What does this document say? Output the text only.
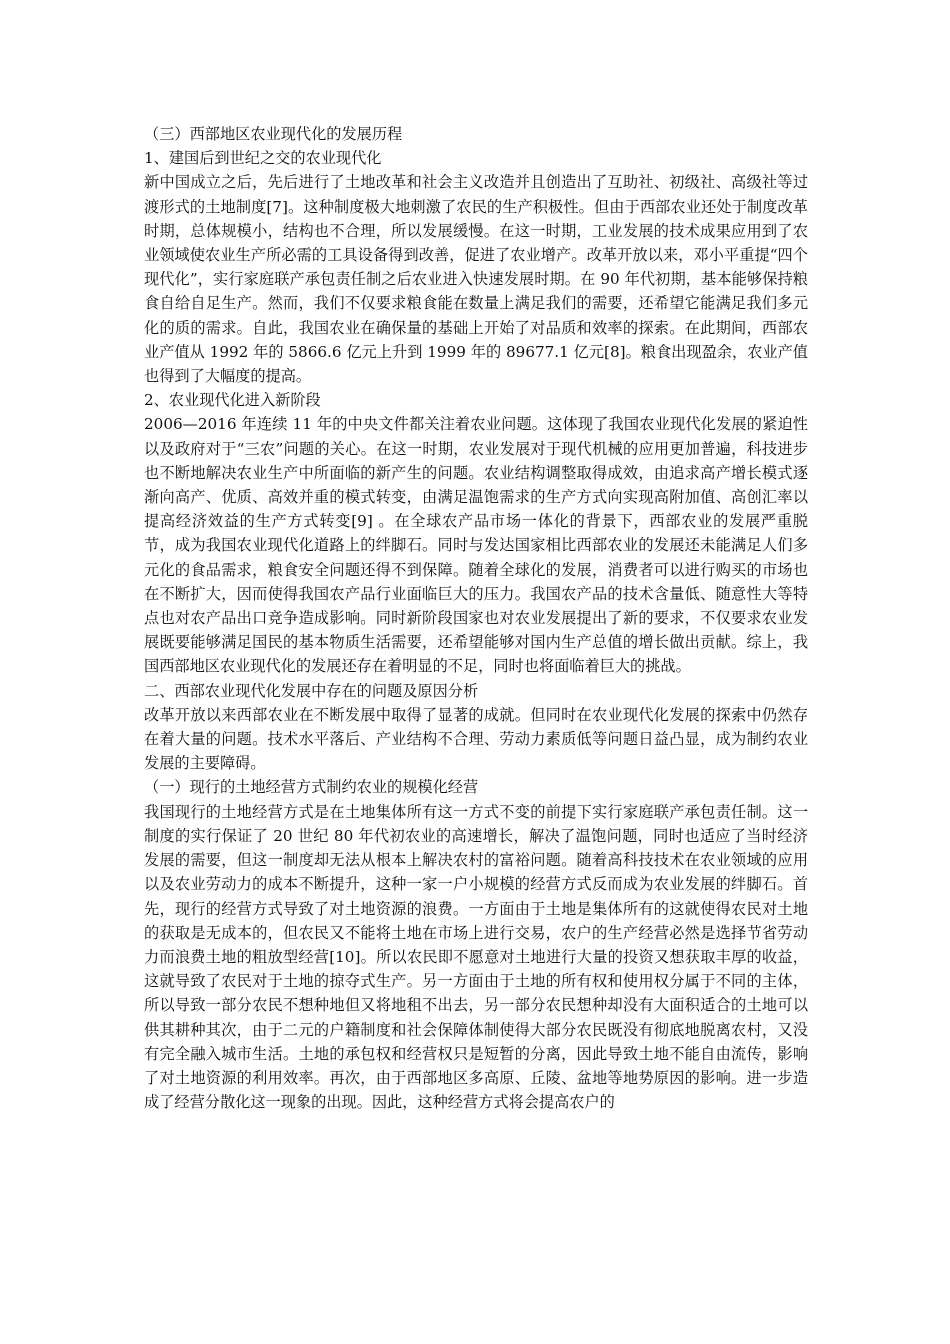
（三）西部地区农业现代化的发展历程
1、建国后到世纪之交的农业现代化

新中国成立之后，先后进行了土地改革和社会主义改造并且创造出了互助社、初级社、高级社等过渡形式的土地制度[7]。这种制度极大地刺激了农民的生产积极性。但由于西部农业还处于制度改革时期，总体规模小，结构也不合理，所以发展缓慢。在这一时期，工业发展的技术成果应用到了农业领域使农业生产所必需的工具设备得到改善，促进了农业增产。改革开放以来，邓小平重提“四个现代化”，实行家庭联产承包责任制之后农业进入快速发展时期。在 90 年代初期，基本能够保持粮食自给自足生产。然而，我们不仅要求粮食能在数量上满足我们的需要，还希望它能满足我们多元化的质的需求。自此，我国农业在确保量的基础上开始了对品质和效率的探索。在此期间，西部农业产值从 1992 年的 5866.6 亿元上升到 1999 年的 89677.1 亿元[8]。粮食出现盈余，农业产值也得到了大幅度的提高。

2、农业现代化进入新阶段

2006—2016 年连续 11 年的中央文件都关注着农业问题。这体现了我国农业现代化发展的紧迫性以及政府对于“三农”问题的关心。在这一时期，农业发展对于现代机械的应用更加普遍，科技进步也不断地解决农业生产中所面临的新产生的问题。农业结构调整取得成效，由追求高产增长模式逐渐向高产、优质、高效并重的模式转变，由满足温饱需求的生产方式向实现高附加值、高创汇率以提高经济效益的生产方式转变[9] 。在全球农产品市场一体化的背景下，西部农业的发展严重脱节，成为我国农业现代化道路上的绊脚石。同时与发达国家相比西部农业的发展还未能满足人们多元化的食品需求，粮食安全问题还得不到保障。随着全球化的发展，消费者可以进行购买的市场也在不断扩大，因而使得我国农产品行业面临巨大的压力。我国农产品的技术含量低、随意性大等特点也对农产品出口竞争造成影响。同时新阶段国家也对农业发展提出了新的要求，不仅要求农业发展既要能够满足国民的基本物质生活需要，还希望能够对国内生产总值的增长做出贡献。综上，我国西部地区农业现代化的发展还存在着明显的不足，同时也将面临着巨大的挑战。

二、西部农业现代化发展中存在的问题及原因分析

改革开放以来西部农业在不断发展中取得了显著的成就。但同时在农业现代化发展的探索中仍然存在着大量的问题。技术水平落后、产业结构不合理、劳动力素质低等问题日益凸显，成为制约农业发展的主要障碍。

（一）现行的土地经营方式制约农业的规模化经营

我国现行的土地经营方式是在土地集体所有这一方式不变的前提下实行家庭联产承包责任制。这一制度的实行保证了 20 世纪 80 年代初农业的高速增长，解决了温饱问题，同时也适应了当时经济发展的需要，但这一制度却无法从根本上解决农村的富裕问题。随着高科技技术在农业领域的应用以及农业劳动力的成本不断提升，这种一家一户小规模的经营方式反而成为农业发展的绊脚石。首先，现行的经营方式导致了对土地资源的浪费。一方面由于土地是集体所有的这就使得农民对土地的获取是无成本的，但农民又不能将土地在市场上进行交易，农户的生产经营必然是选择节省劳动力而浪费土地的粗放型经营[10]。所以农民即不愿意对土地进行大量的投资又想获取丰厚的收益，这就导致了农民对于土地的掠夺式生产。另一方面由于土地的所有权和使用权分属于不同的主体，所以导致一部分农民不想种地但又将地租不出去，另一部分农民想种却没有大面积适合的土地可以供其耕种其次，由于二元的户籍制度和社会保障体制使得大部分农民既没有彻底地脱离农村，又没有完全融入城市生活。土地的承包权和经营权只是短暂的分离，因此导致土地不能自由流传，影响了对土地资源的利用效率。再次，由于西部地区多高原、丘陵、盆地等地势原因的影响。进一步造成了经营分散化这一现象的出现。因此，这种经营方式将会提高农户的
